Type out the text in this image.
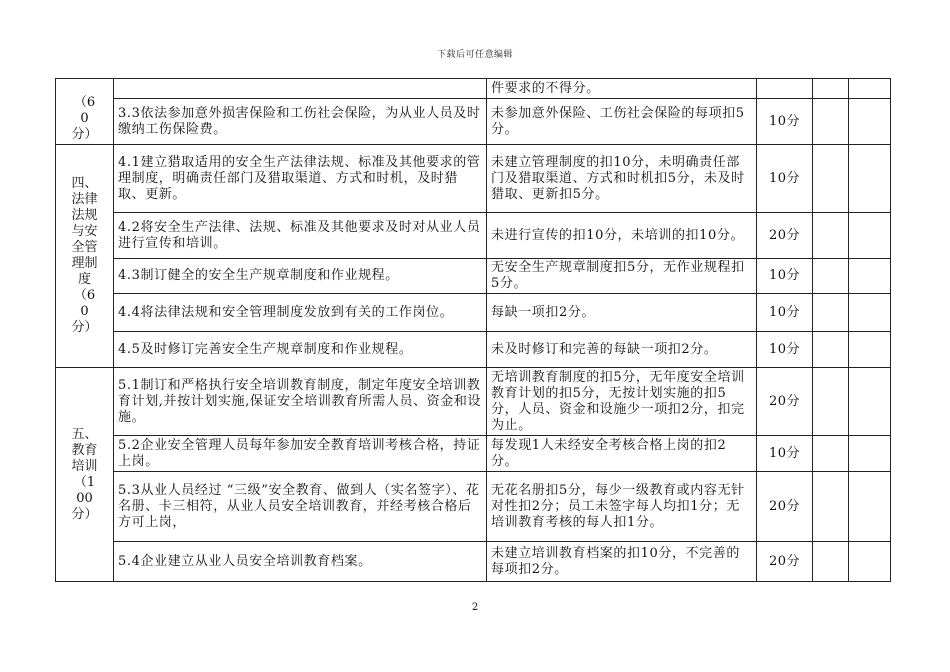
下载后可任意编辑
（60分）		件要求的不得分。			
	3.3依法参加意外损害保险和工伤社会保险，为从业人员及时缴纳工伤保险费。	未参加意外保险、工伤社会保险的每项扣5分。	10分		
四、法律法规与安全管理制度（60分）	4.1建立猎取适用的安全生产法律法规、标准及其他要求的管理制度，明确责任部门及猎取渠道、方式和时机，及时猎取、更新。	未建立管理制度的扣10分，未明确责任部门及猎取渠道、方式和时机扣5分，未及时猎取、更新扣5分。	10分		
	4.2将安全生产法律、法规、标准及其他要求及时对从业人员进行宣传和培训。	未进行宣传的扣10分，未培训的扣10分。	20分		
	4.3制订健全的安全生产规章制度和作业规程。	无安全生产规章制度扣5分，无作业规程扣5分。	10分		
	4.4将法律法规和安全管理制度发放到有关的工作岗位。	每缺一项扣2分。	10分		
	4.5及时修订完善安全生产规章制度和作业规程。	未及时修订和完善的每缺一项扣2分。	10分		
五、教育培训（100分）	5.1制订和严格执行安全培训教育制度，制定年度安全培训教育计划,并按计划实施,保证安全培训教育所需人员、资金和设施。	无培训教育制度的扣5分，无年度安全培训教育计划的扣5分，无按计划实施的扣5分，人员、资金和设施少一项扣2分，扣完为止。	20分		
	5.2企业安全管理人员每年参加安全教育培训考核合格，持证上岗。	每发现1人未经安全考核合格上岗的扣2分。	10分		
	5.3从业人员经过 “三级”安全教育、做到人（实名签字）、花名册、卡三相符，从业人员安全培训教育，并经考核合格后方可上岗，	无花名册扣5分，每少一级教育或内容无针对性扣2分；员工未签字每人均扣1分；无培训教育考核的每人扣1分。	20分		
	5.4企业建立从业人员安全培训教育档案。	未建立培训教育档案的扣10分，不完善的每项扣2分。	20分		
2
